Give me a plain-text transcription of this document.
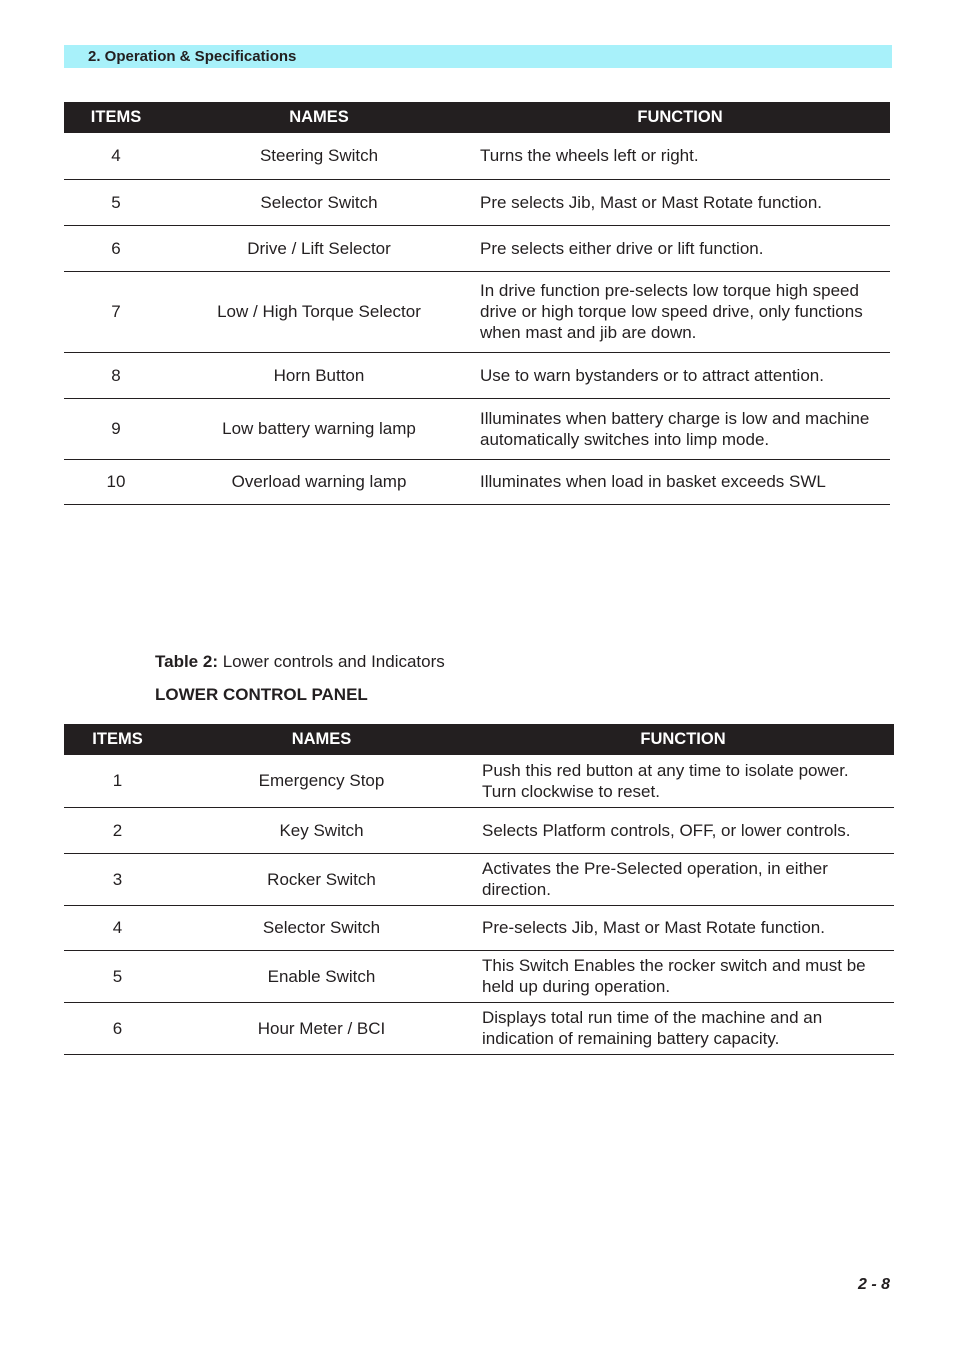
2. Operation & Specifications
ITEMS	NAMES	FUNCTION
4	Steering Switch	Turns the wheels left or right.
5	Selector Switch	Pre selects Jib, Mast or Mast Rotate function.
6	Drive / Lift Selector	Pre selects either drive or lift function.
7	Low / High Torque Selector	In drive function pre-selects low torque high speed drive or high torque low speed drive, only functions when mast and jib are down.
8	Horn Button	Use to warn bystanders or to attract attention.
9	Low battery warning lamp	Illuminates when battery charge is low and machine automatically switches into limp mode.
10	Overload warning lamp	Illuminates when load in basket exceeds SWL
Table 2: Lower controls and Indicators
LOWER CONTROL PANEL
ITEMS	NAMES	FUNCTION
1	Emergency Stop	Push this red button at any time to isolate power. Turn clockwise to reset.
2	Key Switch	Selects Platform controls, OFF, or lower controls.
3	Rocker Switch	Activates the Pre-Selected operation, in either direction.
4	Selector Switch	Pre-selects Jib, Mast or Mast Rotate function.
5	Enable Switch	This Switch Enables the rocker switch and must be held up during operation.
6	Hour Meter / BCI	Displays total run time of the machine and an indication of remaining battery capacity.
2 - 8
